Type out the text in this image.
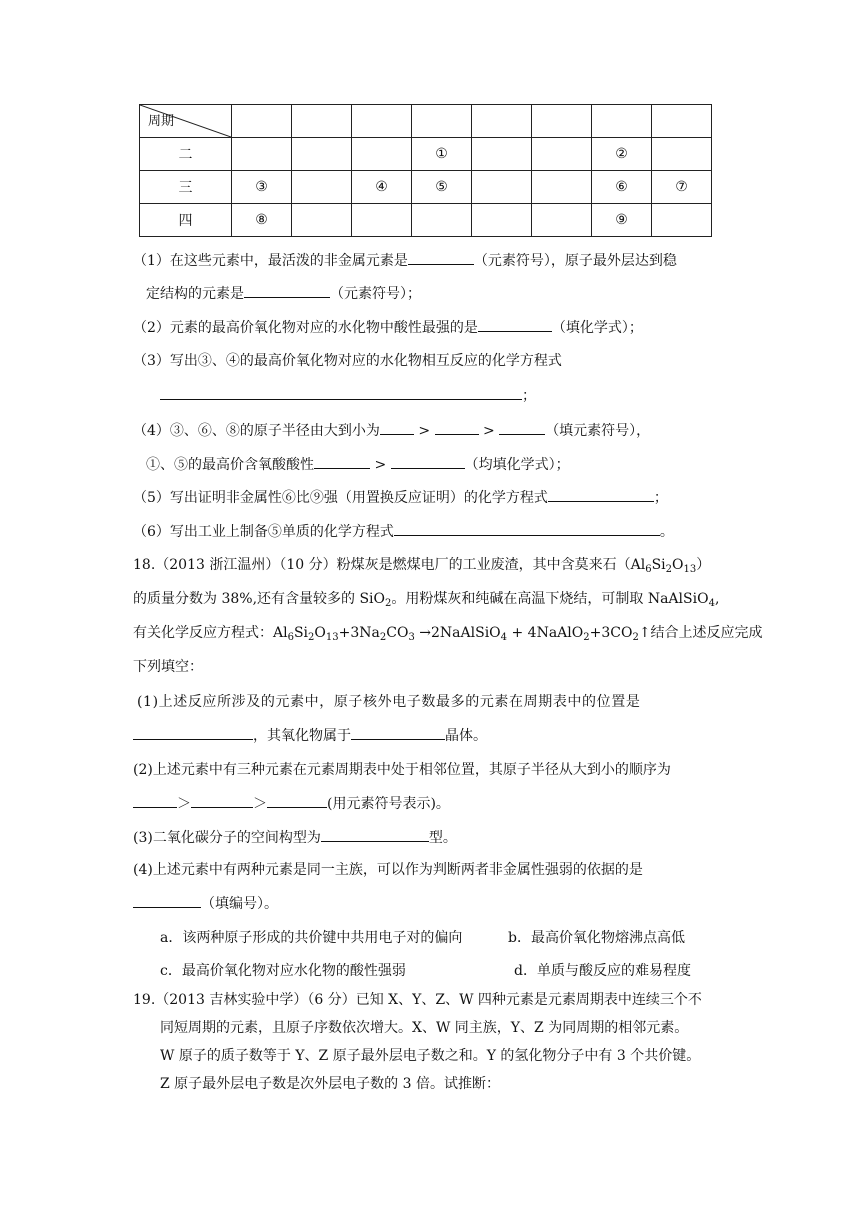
周期								

二				①			②	
三	③		④	⑤			⑥	⑦
四	⑧						⑨	
（1）在这些元素中，最活泼的非金属元素是	（元素符号），原子最外层达到稳
定结构的元素是	（元素符号）；
（2）元素的最高价氧化物对应的水化物中酸性最强的是	（填化学式）；
（3）写出③、④的最高价氧化物对应的水化物相互反应的化学方程式
；
（4）③、⑥、⑧的原子半径由大到小为	>	>	（填元素符号），
①、⑤的最高价含氧酸酸性	>	（均填化学式）；
（5）写出证明非金属性⑥比⑨强（用置换反应证明）的化学方程式	；
（6）写出工业上制备⑤单质的化学方程式	。
18.（2013 浙江温州）（10 分）粉煤灰是燃煤电厂的工业废渣，其中含莫来石$(Al_6Si_2O_{13})$
的质量分数为 38%,还有含量较多的 SiO$_2$。用粉煤灰和纯碱在高温下烧结，可制取 NaAlSiO$_4$,
有关化学反应方程式：$Al_6Si_2O_{13}+3Na_2CO_3$ →2NaAlSiO$_4$ + $4NaAlO_2+3CO_2↑$结合上述反应完成
下列填空：
(1)上述反应所涉及的元素中，原子核外电子数最多的元素在周期表中的位置是
，其氧化物属于	晶体。
(2)上述元素中有三种元素在元素周期表中处于相邻位置，其原子半径从大到小的顺序为
＞	＞	(用元素符号表示)。
(3)二氧化碳分子的空间构型为	型。
(4)上述元素中有两种元素是同一主族，可以作为判断两者非金属性强弱的依据的是
（填编号）。
a．该两种原子形成的共价键中共用电子对的偏向	b．最高价氧化物熔沸点高低
c．最高价氧化物对应水化物的酸性强弱	d．单质与酸反应的难易程度
19.（2013 吉林实验中学）（6 分）已知 X、Y、Z、W 四种元素是元素周期表中连续三个不
同短周期的元素，且原子序数依次增大。X、W 同主族，Y、Z 为同周期的相邻元素。
W 原子的质子数等于 Y、Z 原子最外层电子数之和。Y 的氢化物分子中有 3 个共价键。
Z 原子最外层电子数是次外层电子数的 3 倍。试推断：
